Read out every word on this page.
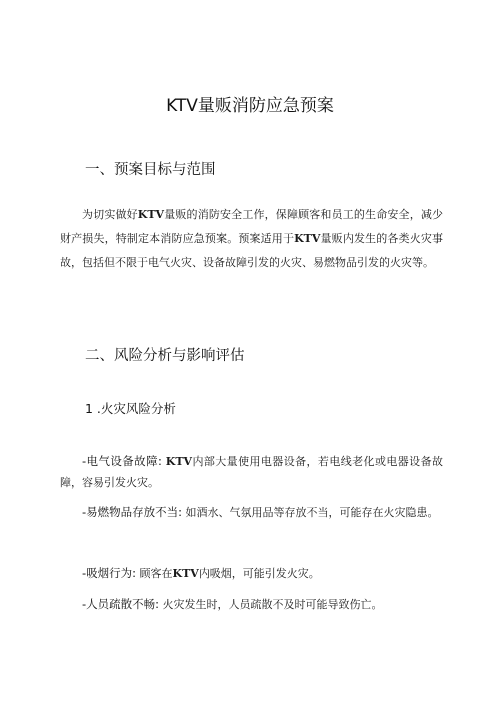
KTV量贩消防应急预案
一、预案目标与范围
为切实做好KTV量贩的消防安全工作，保障顾客和员工的生命安全，减少财产损失，特制定本消防应急预案。预案适用于KTV量贩内发生的各类火灾事故，包括但不限于电气火灾、设备故障引发的火灾、易燃物品引发的火灾等。
二、风险分析与影响评估
1 .火灾风险分析
-电气设备故障: KTV内部大量使用电器设备，若电线老化或电器设备故障，容易引发火灾。
-易燃物品存放不当: 如酒水、气氛用品等存放不当，可能存在火灾隐患。
-吸烟行为: 顾客在KTV内吸烟，可能引发火灾。
-人员疏散不畅: 火灾发生时，人员疏散不及时可能导致伤亡。
